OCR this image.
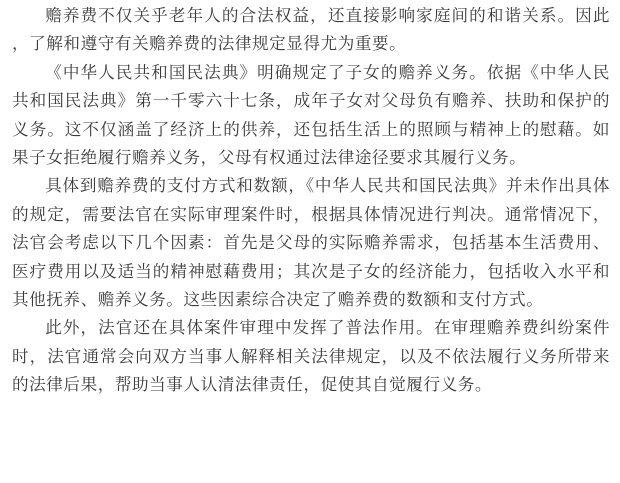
赡养费不仅关乎老年人的合法权益，还直接影响家庭间的和谐关系。因此，了解和遵守有关赡养费的法律规定显得尤为重要。

《中华人民共和国民法典》明确规定了子女的赡养义务。依据《中华人民共和国民法典》第一千零六十七条，成年子女对父母负有赡养、扶助和保护的义务。这不仅涵盖了经济上的供养，还包括生活上的照顾与精神上的慰藉。如果子女拒绝履行赡养义务，父母有权通过法律途径要求其履行义务。

具体到赡养费的支付方式和数额，《中华人民共和国民法典》并未作出具体的规定，需要法官在实际审理案件时，根据具体情况进行判决。通常情况下，法官会考虑以下几个因素：首先是父母的实际赡养需求，包括基本生活费用、医疗费用以及适当的精神慰藉费用；其次是子女的经济能力，包括收入水平和其他抚养、赡养义务。这些因素综合决定了赡养费的数额和支付方式。

此外，法官还在具体案件审理中发挥了普法作用。在审理赡养费纠纷案件时，法官通常会向双方当事人解释相关法律规定，以及不依法履行义务所带来的法律后果，帮助当事人认清法律责任，促使其自觉履行义务。
